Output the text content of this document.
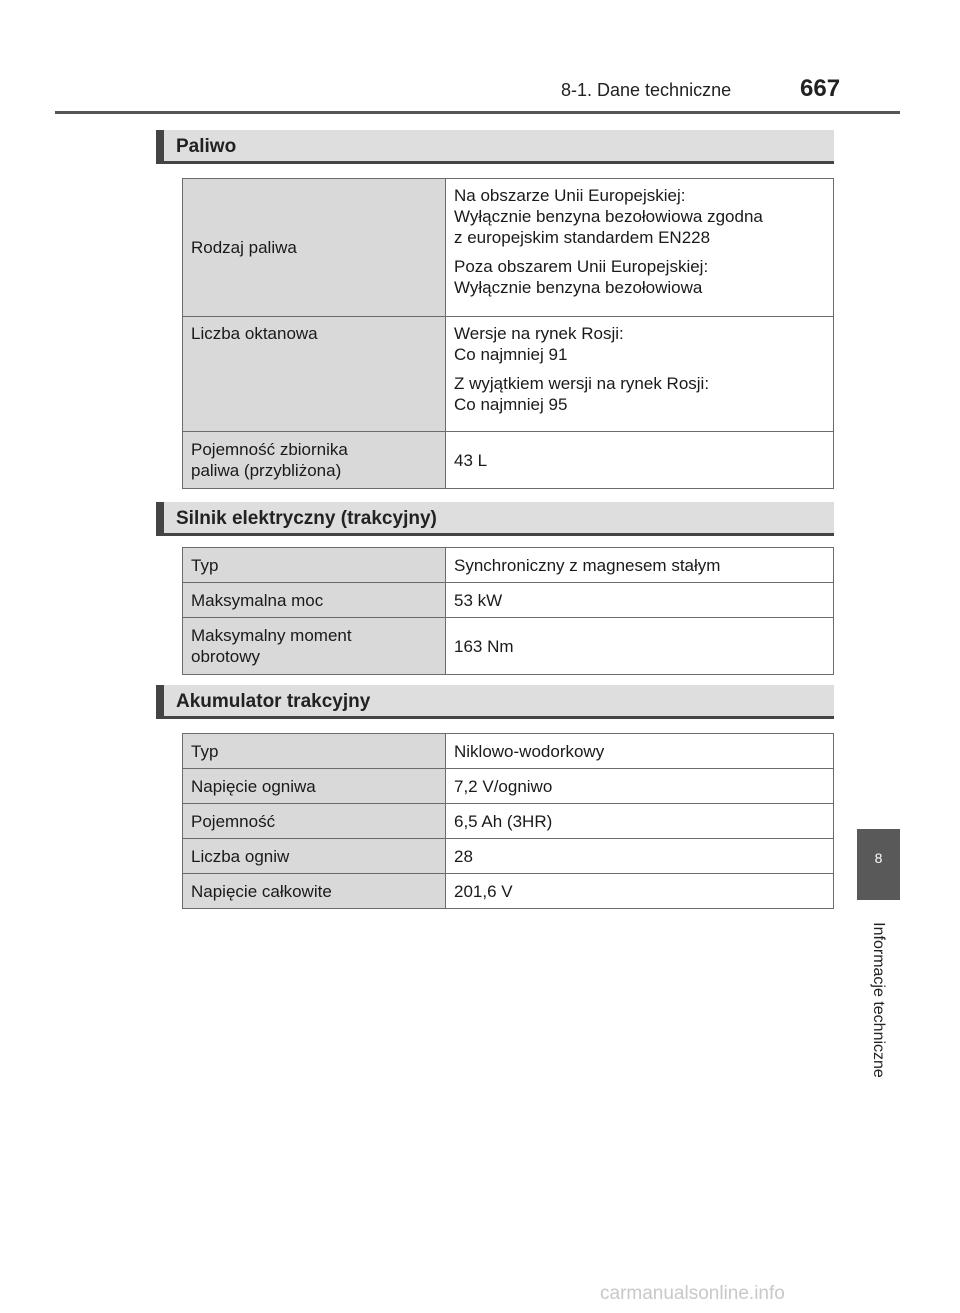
8-1. Dane techniczne	667
8
Informacje techniczne
Paliwo
Rodzaj paliwa	Na obszarze Unii Europejskiej:
Wyłącznie benzyna bezołowiowa zgodna
z europejskim standardem EN228

Poza obszarem Unii Europejskiej:
Wyłącznie benzyna bezołowiowa

Liczba oktanowa	Wersje na rynek Rosji:
Co najmniej 91

Z wyjątkiem wersji na rynek Rosji:
Co najmniej 95

Pojemność zbiornika
paliwa (przybliżona)	43 L
Silnik elektryczny (trakcyjny)
Typ	Synchroniczny z magnesem stałym
Maksymalna moc	53 kW
Maksymalny moment
obrotowy	163 Nm
Akumulator trakcyjny
Typ	Niklowo-wodorkowy
Napięcie ogniwa	7,2 V/ogniwo
Pojemność	6,5 Ah (3HR)
Liczba ogniw	28
Napięcie całkowite	201,6 V
carmanualsonline.info
